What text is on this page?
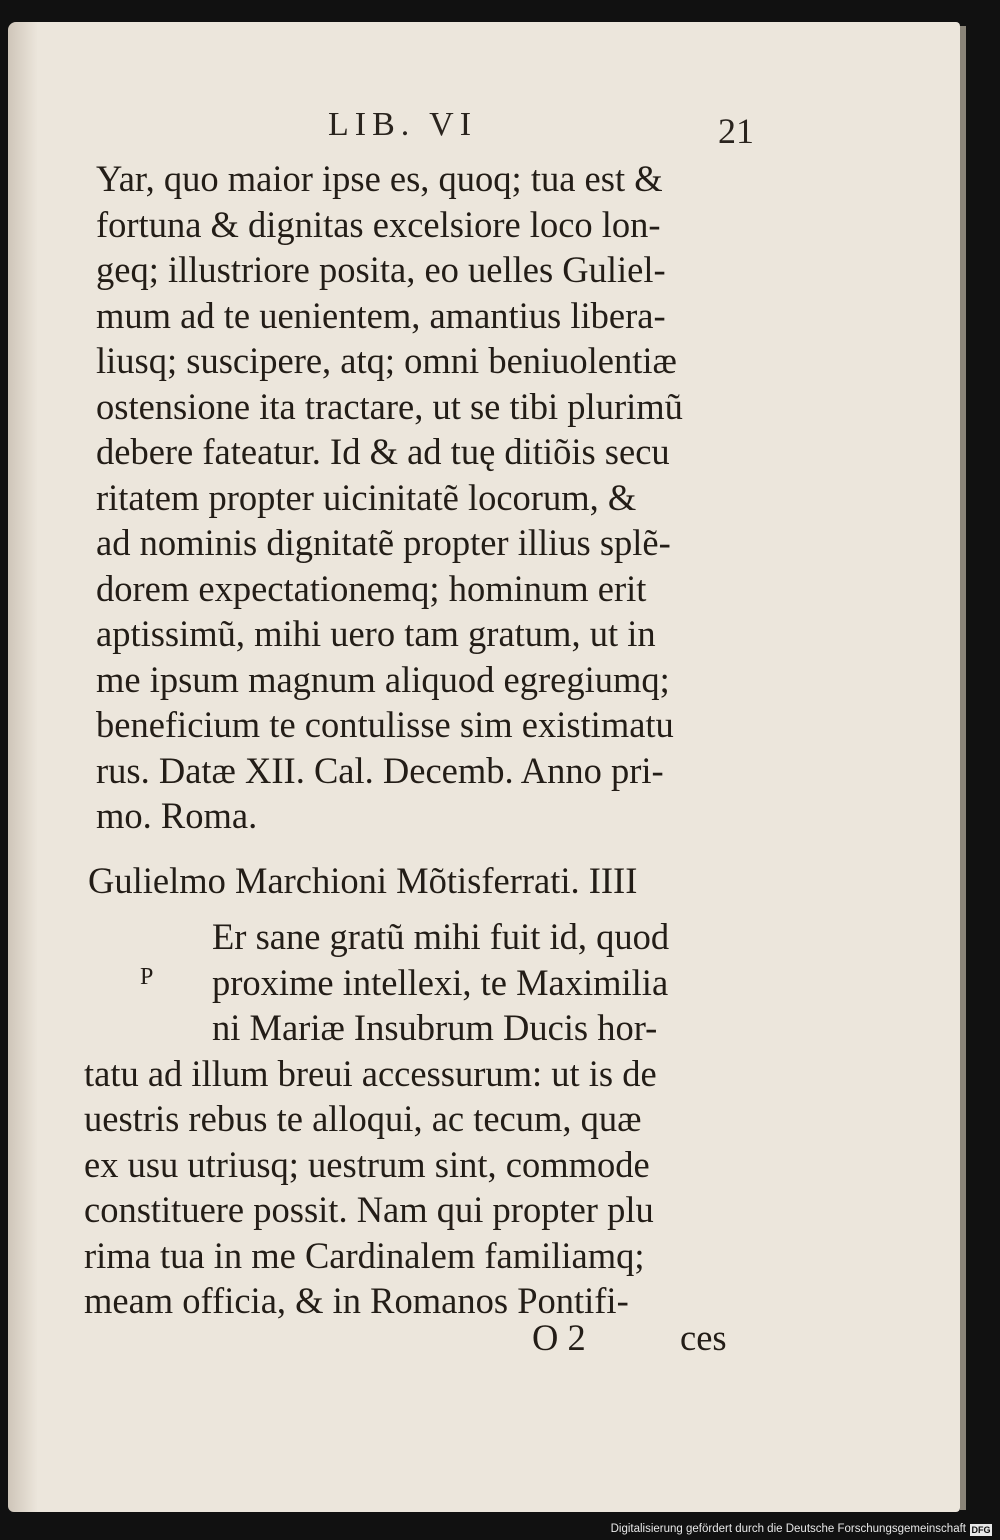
LIB. VI	21
Yar, quo maior ipse es, quoq; tua est &
fortuna & dignitas excelsiore loco lon-
geq; illustriore posita, eo uelles Guliel-
mum ad te uenientem, amantius libera-
liusq; suscipere, atq; omni beniuolentiæ
ostensione ita tractare, ut se tibi plurimũ
debere fateatur. Id & ad tuę ditiõis secu
ritatem propter uicinitatẽ locorum, &
ad nominis dignitatẽ propter illius splẽ-
dorem expectationemq; hominum erit
aptissimũ, mihi uero tam gratum, ut in
me ipsum magnum aliquod egregiumq;
beneficium te contulisse sim existimatu
rus. Datæ XII. Cal. Decemb. Anno pri-
mo. Roma.
Gulielmo Marchioni Mõtisferrati. IIII
P
Er sane gratũ mihi fuit id, quod
proxime intellexi, te Maximilia
ni Mariæ Insubrum Ducis hor-
tatu ad illum breui accessurum: ut is de
uestris rebus te alloqui, ac tecum, quæ
ex usu utriusq; uestrum sint, commode
constituere possit. Nam qui propter plu
rima tua in me Cardinalem familiamq;
meam officia, & in Romanos Pontifi-
O 2	ces
Digitalisierung gefördert durch die Deutsche Forschungsgemeinschaft DFG
